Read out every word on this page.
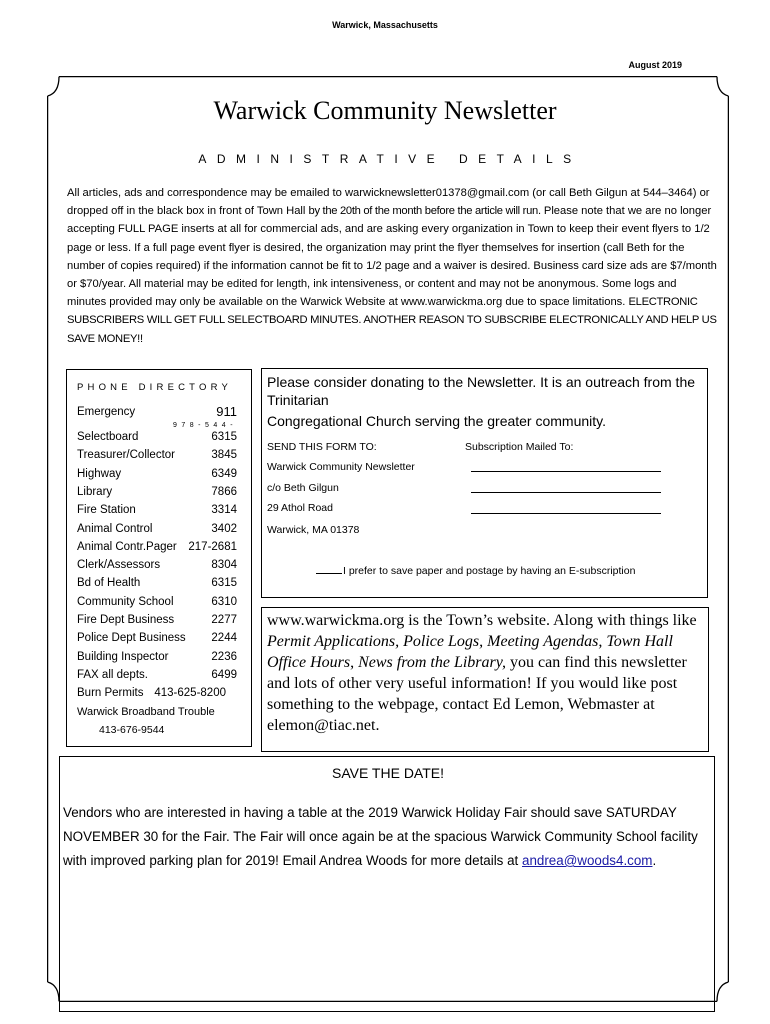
Warwick, Massachusetts
August 2019
Warwick Community Newsletter
ADMINISTRATIVE DETAILS
All articles, ads and correspondence may be emailed to warwicknewsletter01378@gmail.com (or call Beth Gilgun at 544–3464) or dropped off in the black box in front of Town Hall by the 20th of the month before the article will run. Please note that we are no longer accepting FULL PAGE inserts at all for commercial ads, and are asking every organization in Town to keep their event flyers to 1/2 page or less. If a full page event flyer is desired, the organization may print the flyer themselves for insertion (call Beth for the number of copies required) if the information cannot be fit to 1/2 page and a waiver is desired. Business card size ads are $7/month or $70/year. All material may be edited for length, ink intensiveness, or content and may not be anonymous. Some logs and minutes provided may only be available on the Warwick Website at www.warwickma.org due to space limitations. ELECTRONIC SUBSCRIBERS WILL GET FULL SELECTBOARD MINUTES. ANOTHER REASON TO SUBSCRIBE ELECTRONICALLY AND HELP US SAVE MONEY!!
PHONE DIRECTORY
Emergency	911
978-544-
Selectboard	6315
Treasurer/Collector	3845
Highway	6349
Library	7866
Fire Station	3314
Animal Control	3402
Animal Contr.Pager 217-2681
Clerk/Assessors	8304
Bd of Health	6315
Community School	6310
Fire Dept Business	2277
Police Dept Business 2244
Building Inspector	2236
FAX all depts.	6499
Burn Permits 413-625-8200
Warwick Broadband Trouble
413-676-9544
Please consider donating to the Newsletter. It is an outreach from the Trinitarian
Congregational Church serving the greater community.
SEND THIS FORM TO:	Subscription Mailed To:
Warwick Community Newsletter
c/o Beth Gilgun
29 Athol Road
Warwick, MA 01378
I prefer to save paper and postage by having an E-subscription
www.warwickma.org is the Town’s website. Along with things like Permit Applications, Police Logs, Meeting Agendas, Town Hall Office Hours, News from the Library, you can find this newsletter and lots of other very useful information! If you would like post something to the webpage, contact Ed Lemon, Webmaster at elemon@tiac.net.
SAVE THE DATE!
Vendors who are interested in having a table at the 2019 Warwick Holiday Fair should save SATURDAY NOVEMBER 30 for the Fair. The Fair will once again be at the spacious Warwick Community School facility with improved parking plan for 2019! Email Andrea Woods for more details at andrea@woods4.com.
